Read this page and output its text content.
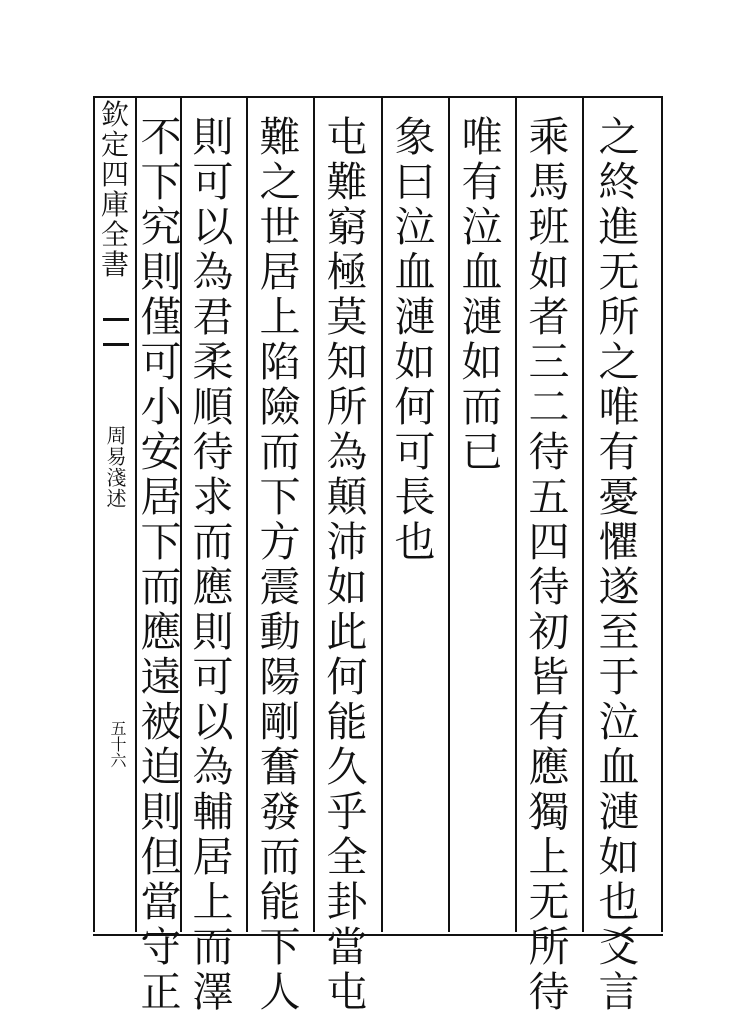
欽
定
四
庫
全
書
周易淺述
五十六
之
終
進
无
所
之
唯
有
憂
懼
遂
至
于
泣
血
漣
如
也
爻
言
乘
馬
班
如
者
三
二
待
五
四
待
初
皆
有
應
獨
上
无
所
待
唯
有
泣
血
漣
如
而
已
象
曰
泣
血
漣
如
何
可
長
也
屯
難
窮
極
莫
知
所
為
顛
沛
如
此
何
能
久
乎
全
卦
當
屯
難
之
世
居
上
陷
險
而
下
方
震
動
陽
剛
奮
發
而
能
下
人
則
可
以
為
君
柔
順
待
求
而
應
則
可
以
為
輔
居
上
而
澤
不
下
究
則
僅
可
小
安
居
下
而
應
遠
被
迫
則
但
當
守
正
